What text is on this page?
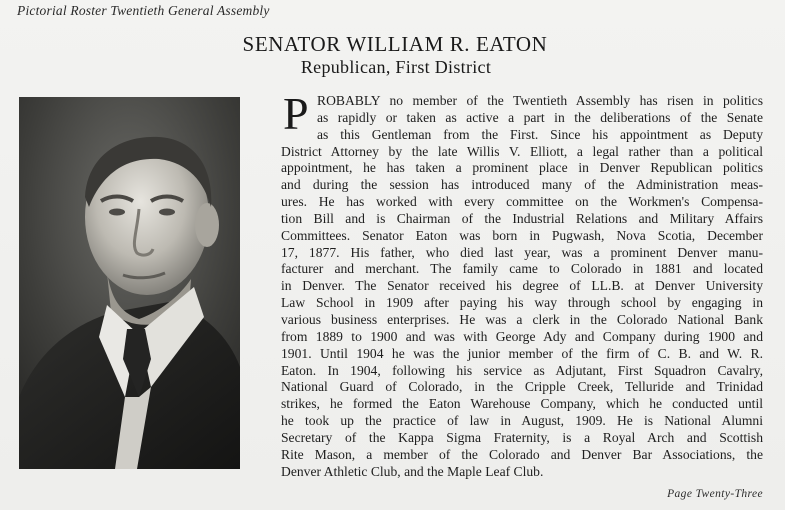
Pictorial Roster Twentieth General Assembly
SENATOR WILLIAM R. EATON
Republican, First District
P ROBABLY no member of the Twentieth Assembly has risen in politics
as rapidly or taken as active a part in the deliberations of the Senate
as this Gentleman from the First. Since his appointment as Deputy
District Attorney by the late Willis V. Elliott, a legal rather than a political
appointment, he has taken a prominent place in Denver Republican politics
and during the session has introduced many of the Administration meas-
ures. He has worked with every committee on the Workmen's Compensa-
tion Bill and is Chairman of the Industrial Relations and Military Affairs
Committees. Senator Eaton was born in Pugwash, Nova Scotia, December
17, 1877. His father, who died last year, was a prominent Denver manu-
facturer and merchant. The family came to Colorado in 1881 and located
in Denver. The Senator received his degree of LL.B. at Denver University
Law School in 1909 after paying his way through school by engaging in
various business enterprises. He was a clerk in the Colorado National Bank
from 1889 to 1900 and was with George Ady and Company during 1900 and
1901. Until 1904 he was the junior member of the firm of C. B. and W. R.
Eaton. In 1904, following his service as Adjutant, First Squadron Cavalry,
National Guard of Colorado, in the Cripple Creek, Telluride and Trinidad
strikes, he formed the Eaton Warehouse Company, which he conducted until
he took up the practice of law in August, 1909. He is National Alumni
Secretary of the Kappa Sigma Fraternity, is a Royal Arch and Scottish
Rite Mason, a member of the Colorado and Denver Bar Associations, the
Denver Athletic Club, and the Maple Leaf Club.
Page Twenty-Three
